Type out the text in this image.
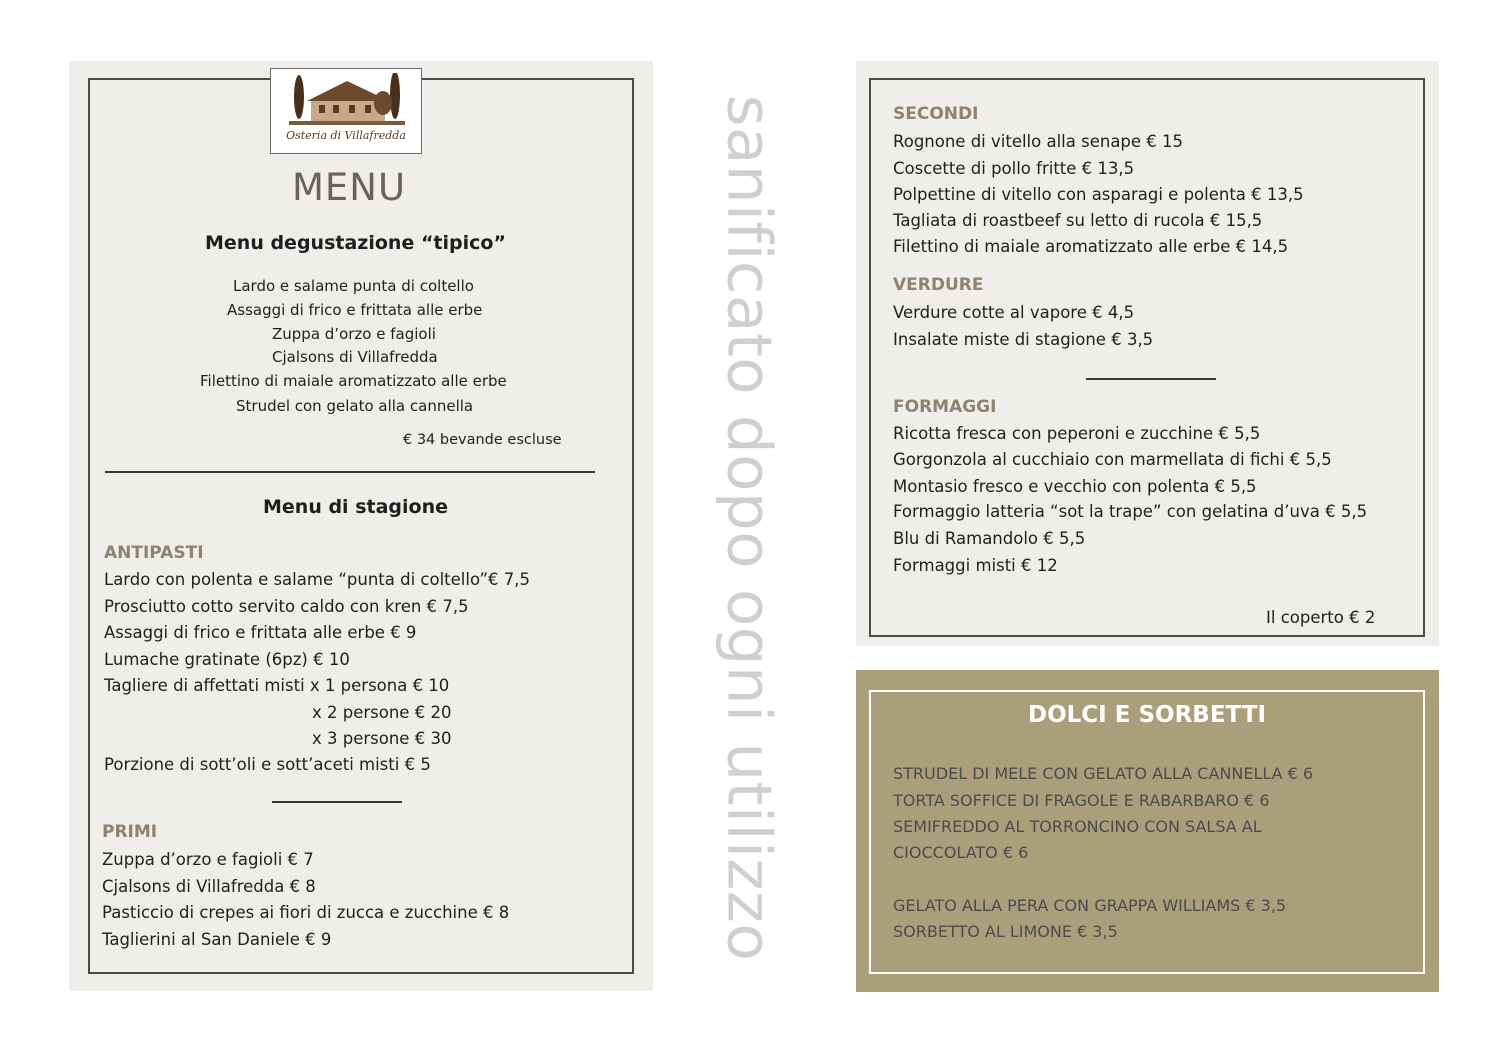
Osteria di Villafredda
MENU
Menu degustazione “tipico”
Lardo e salame punta di coltello
Assaggi di frico e frittata alle erbe
Zuppa d’orzo e fagioli
Cjalsons di Villafredda
Filettino di maiale aromatizzato alle erbe
Strudel con gelato alla cannella
€ 34 bevande escluse
Menu di stagione
ANTIPASTI
Lardo con polenta e salame “punta di coltello”€ 7,5
Prosciutto cotto servito caldo con kren € 7,5
Assaggi di frico e frittata alle erbe € 9
Lumache gratinate (6pz) € 10
Tagliere di affettati misti x 1 persona € 10
x 2 persone € 20
x 3 persone € 30
Porzione di sott’oli e sott’aceti misti € 5
PRIMI
Zuppa d’orzo e fagioli € 7
Cjalsons di Villafredda € 8
Pasticcio di crepes ai fiori di zucca e zucchine € 8
Taglierini al San Daniele € 9	sanificato dopo ogni utilizzo	SECONDI
Rognone di vitello alla senape € 15
Coscette di pollo fritte € 13,5
Polpettine di vitello con asparagi e polenta € 13,5
Tagliata di roastbeef su letto di rucola € 15,5
Filettino di maiale aromatizzato alle erbe € 14,5
VERDURE
Verdure cotte al vapore € 4,5
Insalate miste di stagione € 3,5
FORMAGGI
Ricotta fresca con peperoni e zucchine € 5,5
Gorgonzola al cucchiaio con marmellata di fichi € 5,5
Montasio fresco e vecchio con polenta € 5,5
Formaggio latteria “sot la trape” con gelatina d’uva € 5,5
Blu di Ramandolo € 5,5
Formaggi misti € 12
Il coperto € 2
DOLCI E SORBETTI
STRUDEL DI MELE CON GELATO ALLA CANNELLA € 6
TORTA SOFFICE DI FRAGOLE E RABARBARO € 6
SEMIFREDDO AL TORRONCINO CON SALSA AL
CIOCCOLATO € 6
GELATO ALLA PERA CON GRAPPA WILLIAMS € 3,5
SORBETTO AL LIMONE € 3,5
